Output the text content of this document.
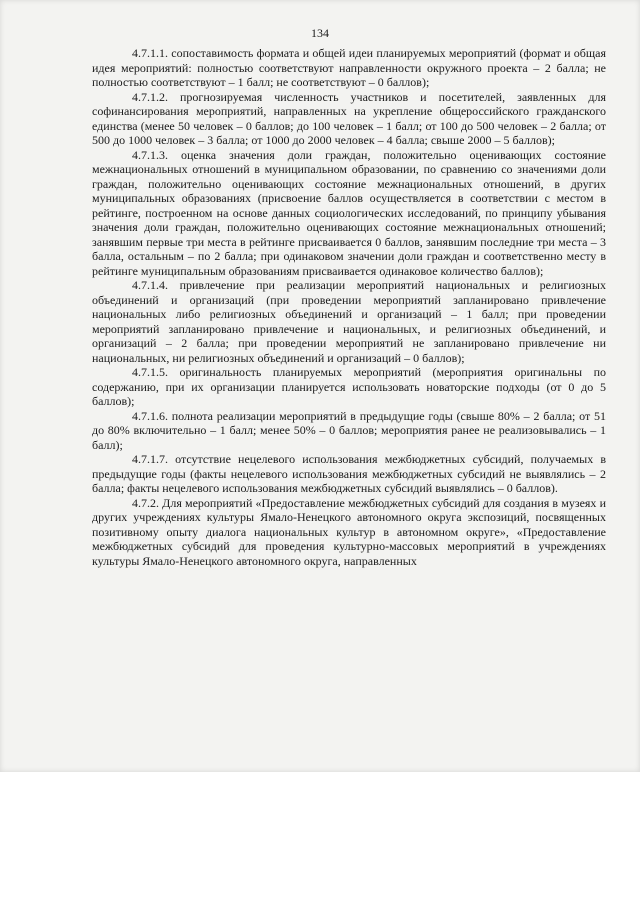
134

4.7.1.1. сопоставимость формата и общей идеи планируемых мероприятий (формат и общая идея мероприятий: полностью соответствуют направленности окружного проекта – 2 балла; не полностью соответствуют – 1 балл; не соответствуют – 0 баллов);

4.7.1.2. прогнозируемая численность участников и посетителей, заявленных для софинансирования мероприятий, направленных на укрепление общероссийского гражданского единства (менее 50 человек – 0 баллов; до 100 человек – 1 балл; от 100 до 500 человек – 2 балла; от 500 до 1000 человек – 3 балла; от 1000 до 2000 человек – 4 балла; свыше 2000 – 5 баллов);

4.7.1.3. оценка значения доли граждан, положительно оценивающих состояние межнациональных отношений в муниципальном образовании, по сравнению со значениями доли граждан, положительно оценивающих состояние межнациональных отношений, в других муниципальных образованиях (присвоение баллов осуществляется в соответствии с местом в рейтинге, построенном на основе данных социологических исследований, по принципу убывания значения доли граждан, положительно оценивающих состояние межнациональных отношений; занявшим первые три места в рейтинге присваивается 0 баллов, занявшим последние три места – 3 балла, остальным – по 2 балла; при одинаковом значении доли граждан и соответственно месту в рейтинге муниципальным образованиям присваивается одинаковое количество баллов);

4.7.1.4. привлечение при реализации мероприятий национальных и религиозных объединений и организаций (при проведении мероприятий запланировано привлечение национальных либо религиозных объединений и организаций – 1 балл; при проведении мероприятий запланировано привлечение и национальных, и религиозных объединений, и организаций – 2 балла; при проведении мероприятий не запланировано привлечение ни национальных, ни религиозных объединений и организаций – 0 баллов);

4.7.1.5. оригинальность планируемых мероприятий (мероприятия оригинальны по содержанию, при их организации планируется использовать новаторские подходы (от 0 до 5 баллов);

4.7.1.6. полнота реализации мероприятий в предыдущие годы (свыше 80% – 2 балла; от 51 до 80% включительно – 1 балл; менее 50% – 0 баллов; мероприятия ранее не реализовывались – 1 балл);

4.7.1.7. отсутствие нецелевого использования межбюджетных субсидий, получаемых в предыдущие годы (факты нецелевого использования межбюджетных субсидий не выявлялись – 2 балла; факты нецелевого использования межбюджетных субсидий выявлялись – 0 баллов).

4.7.2. Для мероприятий «Предоставление межбюджетных субсидий для создания в музеях и других учреждениях культуры Ямало-Ненецкого автономного округа экспозиций, посвященных позитивному опыту диалога национальных культур в автономном округе», «Предоставление межбюджетных субсидий для проведения культурно-массовых мероприятий в учреждениях культуры Ямало-Ненецкого автономного округа, направленных
